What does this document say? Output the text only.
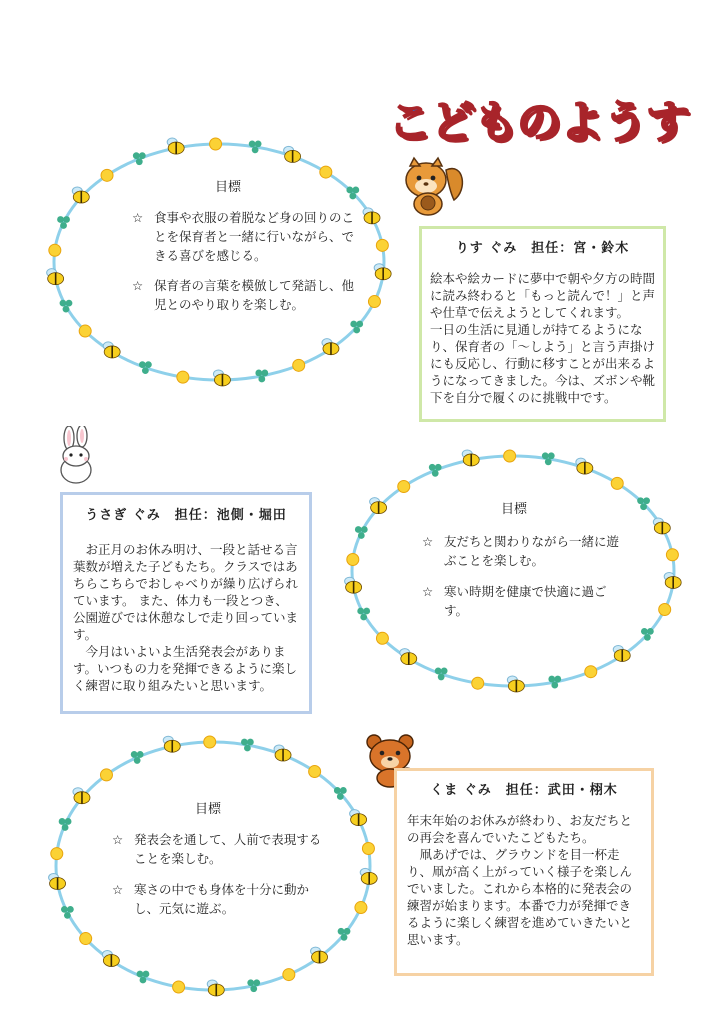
こどものようす
目標
☆ 食事や衣服の着脱など身の回りのことを保育者と一緒に行いながら、できる喜びを感じる。
☆ 保育者の言葉を模倣して発語し、他児とのやり取りを楽しむ。
りす ぐみ　担任：宮・鈴木

絵本や絵カードに夢中で朝や夕方の時間に読み終わると「もっと読んで！」と声や仕草で伝えようとしてくれます。

一日の生活に見通しが持てるようになり、保育者の「～しよう」と言う声掛けにも反応し、行動に移すことが出来るようになってきました。今は、ズボンや靴下を自分で履くのに挑戦中です。

うさぎ ぐみ　担任：池側・堀田

　お正月のお休み明け、一段と話せる言葉数が増えた子どもたち。クラスではあちらこちらでおしゃべりが繰り広げられています。 また、体力も一段とつき、公園遊びでは休憩なしで走り回っています。

　今月はいよいよ生活発表会があります。いつもの力を発揮できるように楽しく練習に取り組みたいと思います。

目標
☆ 友だちと関わりながら一緒に遊ぶことを楽しむ。
☆ 寒い時期を健康で快適に過ごす。
目標
☆ 発表会を通して、人前で表現することを楽しむ。
☆ 寒さの中でも身体を十分に動かし、元気に遊ぶ。
くま ぐみ　担任：武田・栩木

年末年始のお休みが終わり、お友だちとの再会を喜んでいたこどもたち。

　凧あげでは、グラウンドを目一杯走り、凧が高く上がっていく様子を楽しんでいました。これから本格的に発表会の練習が始まります。本番で力が発揮できるように楽しく練習を進めていきたいと思います。
